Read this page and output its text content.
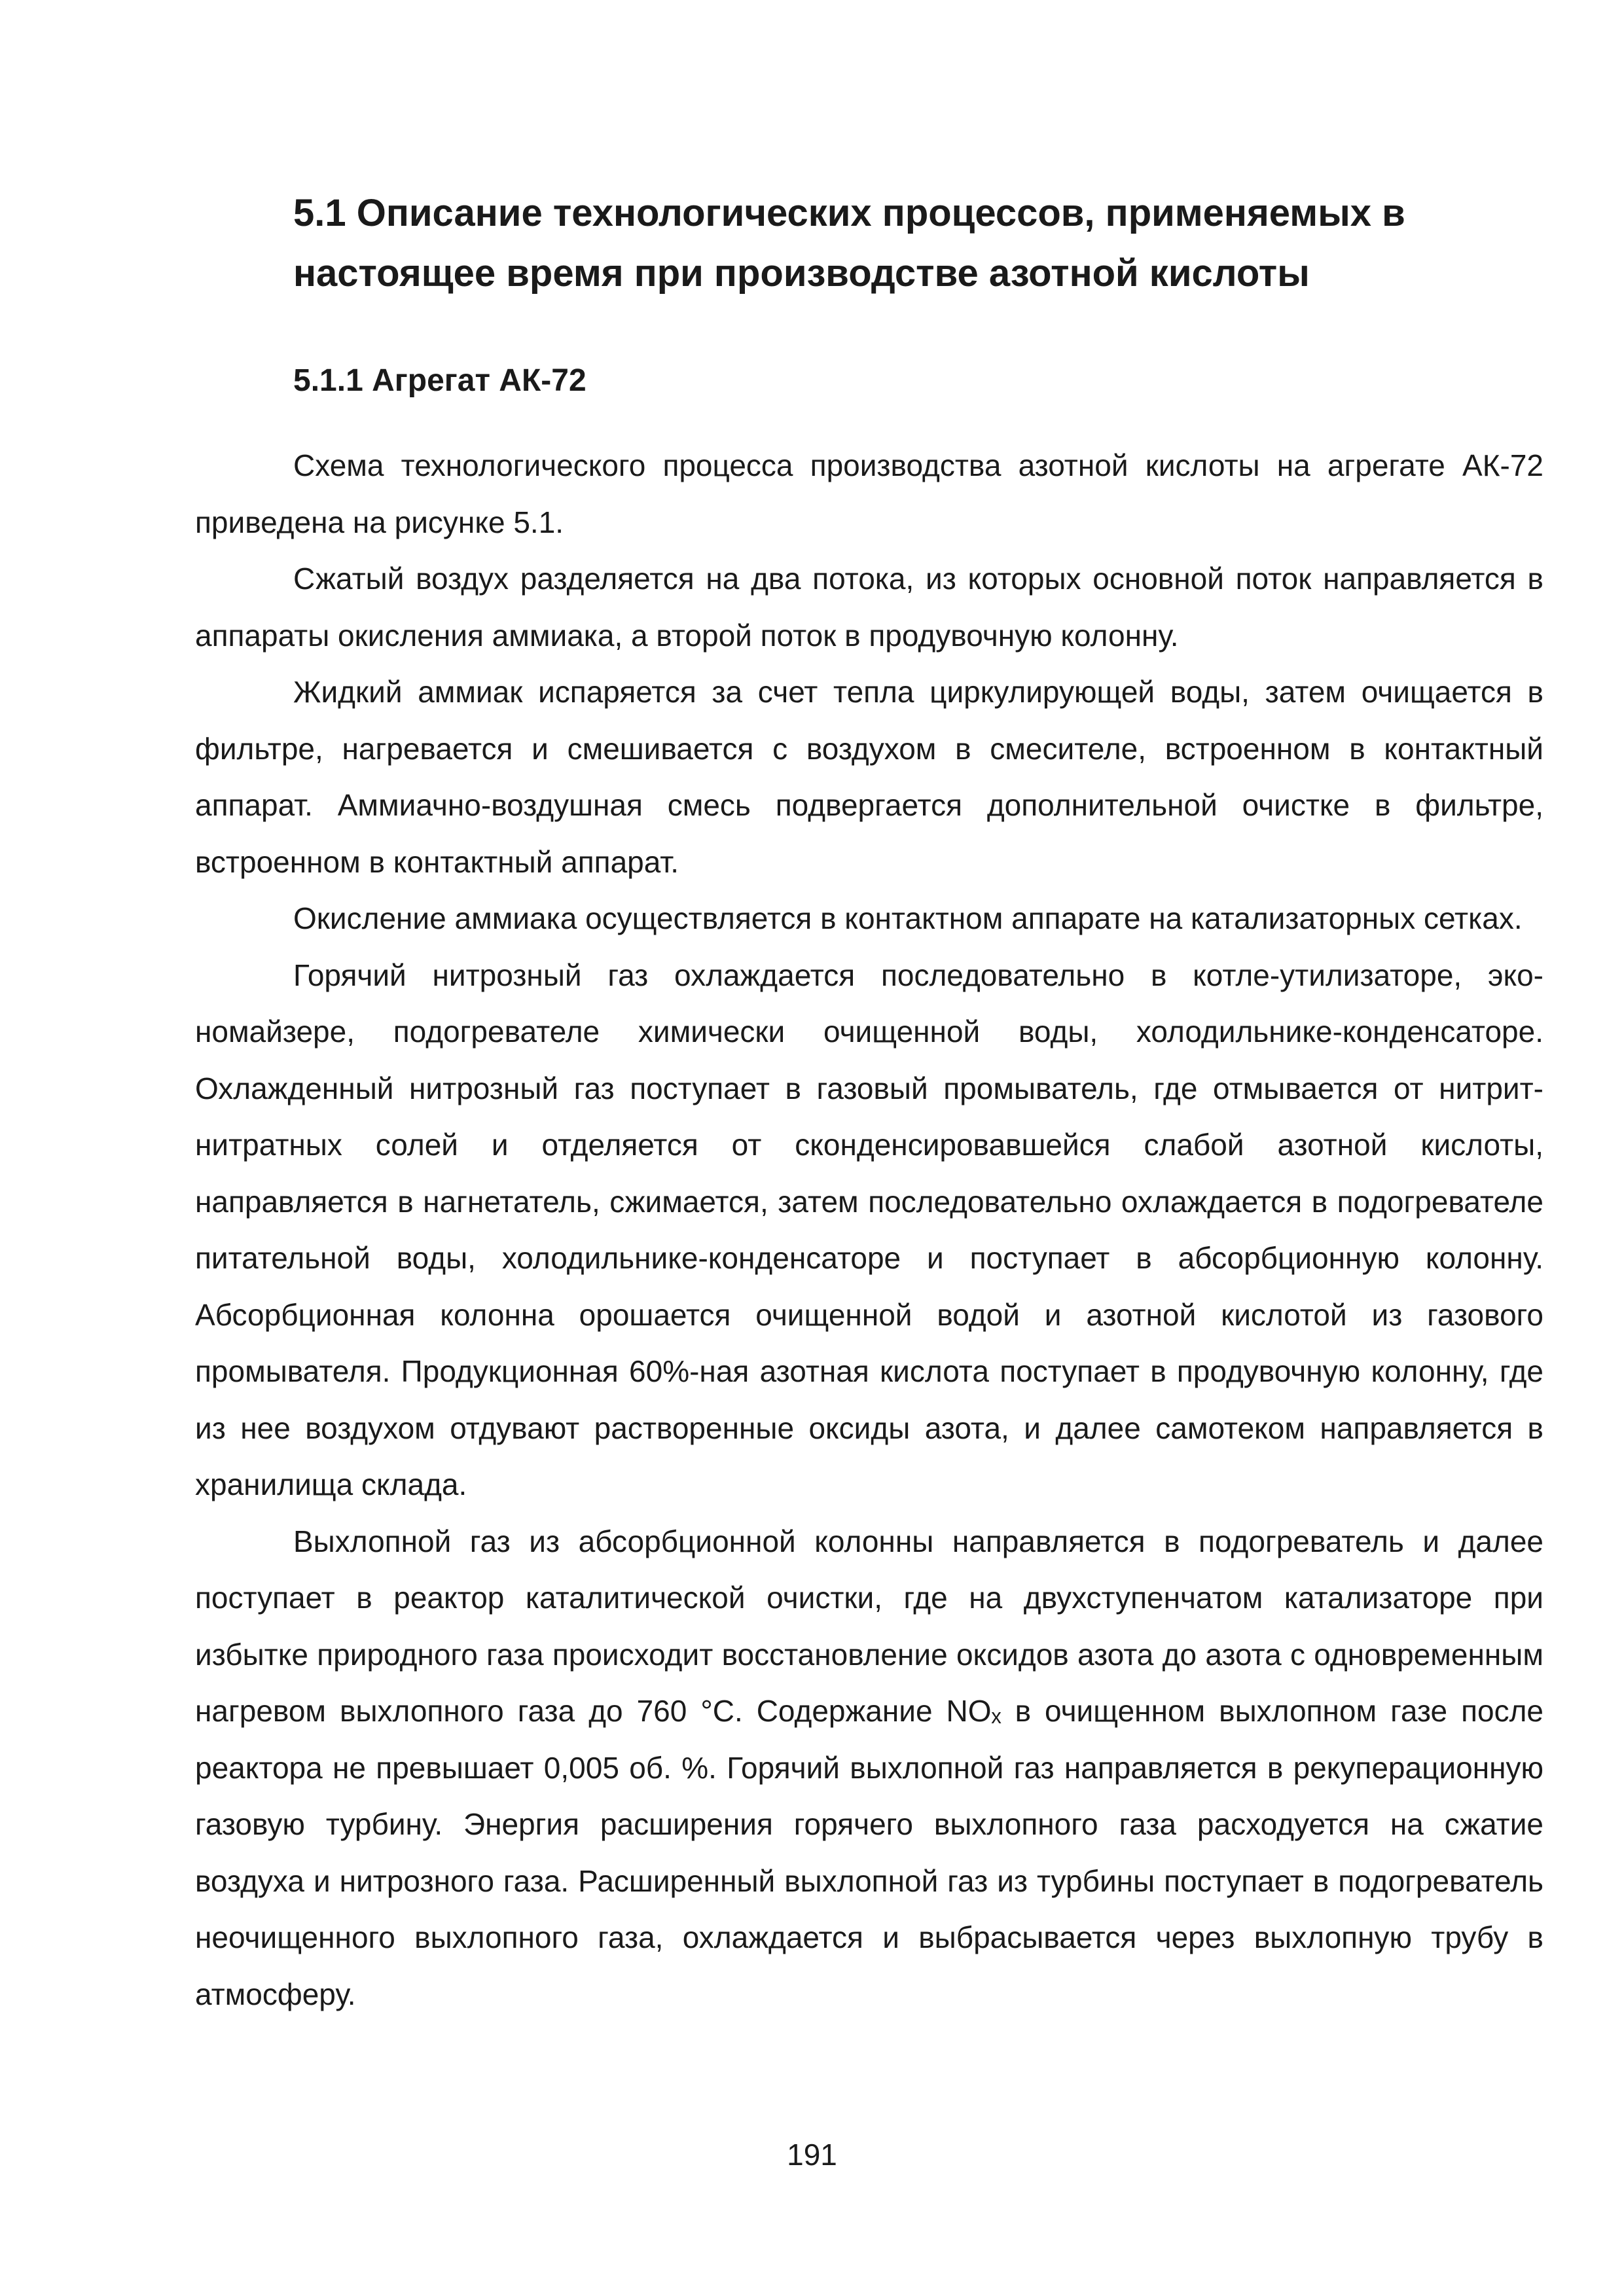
5.1 Описание технологических процессов, применяемых в настоящее время при производстве азотной кислоты
5.1.1 Агрегат АК-72

Схема технологического процесса производства азотной кислоты на агрегате АК-72 приведена на рисунке 5.1.

Сжатый воздух разделяется на два потока, из которых основной поток направляется в аппараты окисления аммиака, а второй поток в продувочную колонну.

Жидкий аммиак испаряется за счет тепла циркулирующей воды, затем очищается в фильтре, нагревается и смешивается с воздухом в смесителе, встроенном в контактный аппарат. Аммиачно-воздушная смесь подвергается дополнительной очистке в фильтре, встроенном в контактный аппарат.

Окисление аммиака осуществляется в контактном аппарате на катализаторных сетках.

Горячий нитрозный газ охлаждается последовательно в котле-утилизаторе, экономайзере, подогревателе химически очищенной воды, холодильнике-конденсаторе. Охлажденный нитрозный газ поступает в газовый промыватель, где отмывается от нитрит-нитратных солей и отделяется от сконденсировавшейся слабой азотной кислоты, направляется в нагнетатель, сжимается, затем последовательно охлаждается в подогревателе питательной воды, холодильнике-конденсаторе и поступает в абсорбционную колонну. Абсорбционная колонна орошается очищенной водой и азотной кислотой из газового промывателя. Продукционная 60%-ная азотная кислота поступает в продувочную колонну, где из нее воздухом отдувают растворенные оксиды азота, и далее самотеком направляется в хранилища склада.

Выхлопной газ из абсорбционной колонны направляется в подогреватель и далее поступает в реактор каталитической очистки, где на двухступенчатом катализаторе при избытке природного газа происходит восстановление оксидов азота до азота с одновременным нагревом выхлопного газа до 760 °С. Содержание NOₓ в очищенном выхлопном газе после реактора не превышает 0,005 об. %. Горячий выхлопной газ направляется в рекуперационную газовую турбину. Энергия расширения горячего выхлопного газа расходуется на сжатие воздуха и нитрозного газа. Расширенный выхлопной газ из турбины поступает в подогреватель неочищенного выхлопного газа, охлаждается и выбрасывается через выхлопную трубу в атмосферу.

191
